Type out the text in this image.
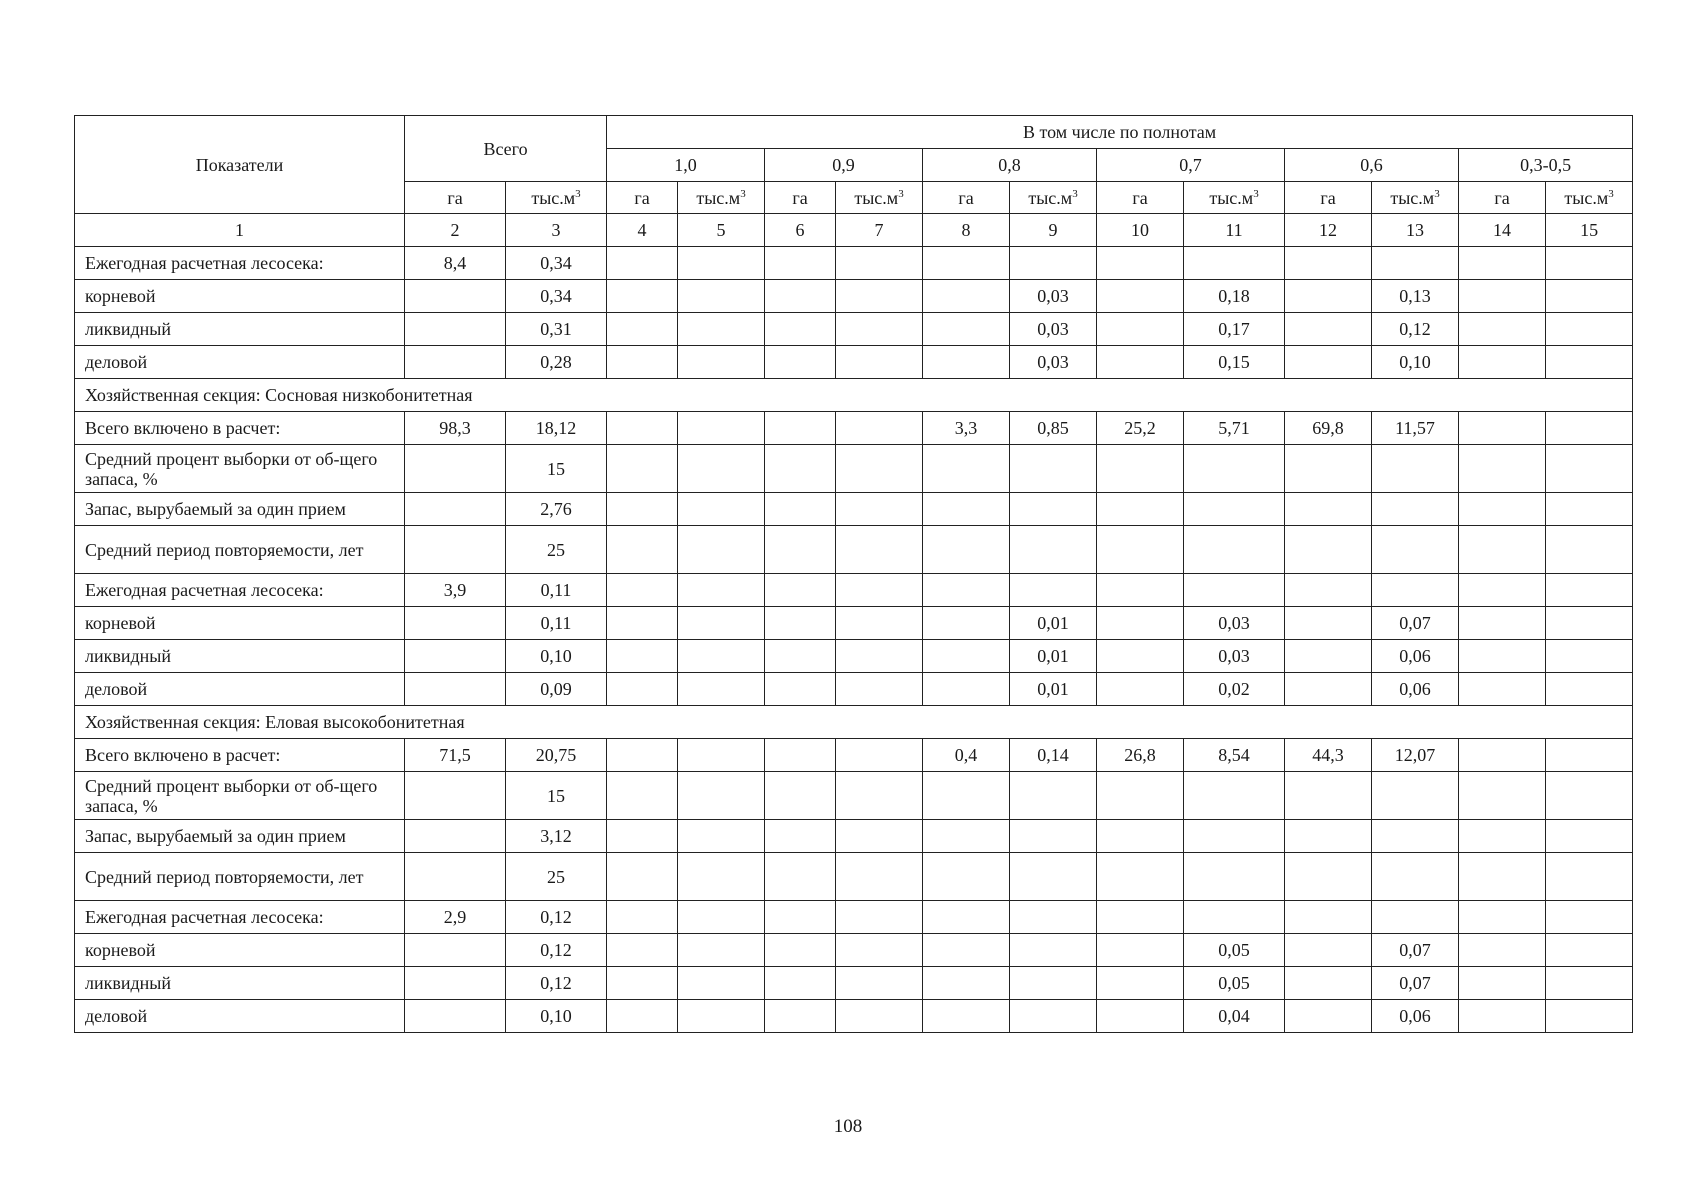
Показатели	Всего		В том числе по полнотам											
			1,0		0,9		0,8		0,7		0,6		0,3-0,5	
	га	$тыс.м^3$	га	$тыс.м^3$	га	$тыс.м^3$	га	$тыс.м^3$	га	$тыс.м^3$	га	$тыс.м^3$	га	$тыс.м^3$
1	2	3	4	5	6	7	8	9	10	11	12	13	14	15
Ежегодная расчетная лесосека:	8,4	0,34												
корневой		0,34						0,03		0,18		0,13		
ликвидный		0,31						0,03		0,17		0,12		
деловой		0,28						0,03		0,15		0,10		
Хозяйственная секция: Сосновая низкобонитетная														
Всего включено в расчет:	98,3	18,12					3,3	0,85	25,2	5,71	69,8	11,57		
Средний процент выборки от об-щего запаса, %		15												
Запас, вырубаемый за один прием		2,76												
Средний период повторяемости, лет		25												
Ежегодная расчетная лесосека:	3,9	0,11												
корневой		0,11						0,01		0,03		0,07		
ликвидный		0,10						0,01		0,03		0,06		
деловой		0,09						0,01		0,02		0,06		
Хозяйственная секция: Еловая высокобонитетная														
Всего включено в расчет:	71,5	20,75					0,4	0,14	26,8	8,54	44,3	12,07		
Средний процент выборки от об-щего запаса, %		15												
Запас, вырубаемый за один прием		3,12												
Средний период повторяемости, лет		25												
Ежегодная расчетная лесосека:	2,9	0,12												
корневой		0,12								0,05		0,07		
ликвидный		0,12								0,05		0,07		
деловой		0,10								0,04		0,06		
108
